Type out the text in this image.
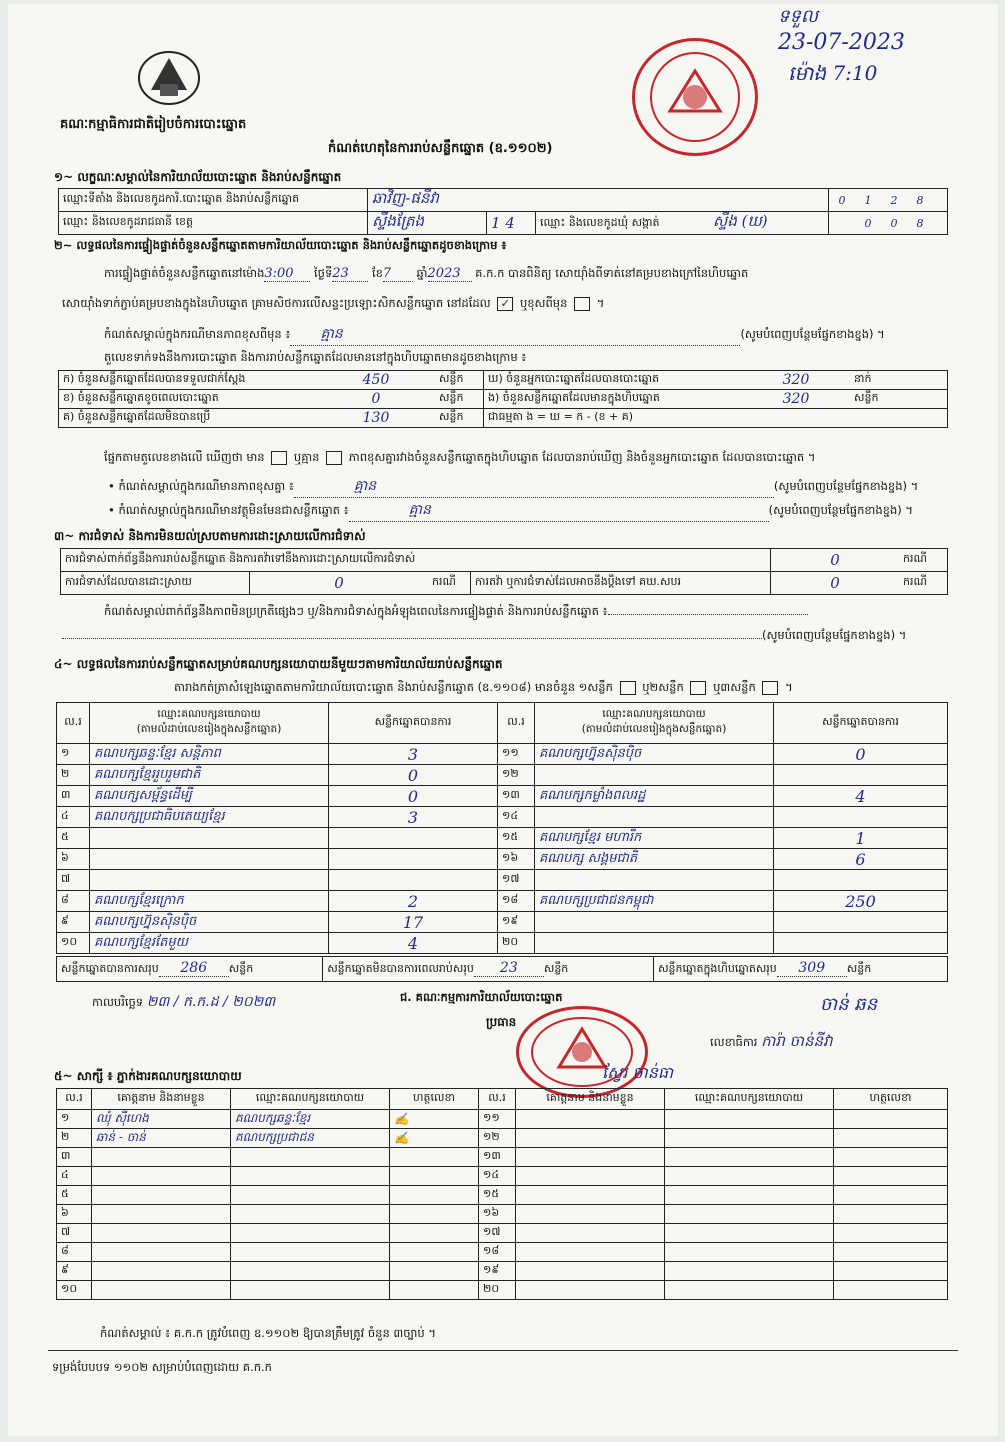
គណៈកម្មាធិការជាតិរៀបចំការបោះឆ្នោត
ទទួល
23-07-2023
ម៉ោង 7:10
កំណត់ហេតុនៃការរាប់សន្លឹកឆ្នោត (ឧ.១១០២)
១~ លក្ខណៈសម្គាល់នៃការិយាល័យបោះឆ្នោត និងរាប់សន្លឹកឆ្នោត
ឈ្មោះទីតាំង និងលេខកូដការិ.បោះឆ្នោត និងរាប់សន្លឹកឆ្នោត	ឆាវិញ-ផនីវា			0 1 2 8
ឈ្មោះ និងលេខកូដរាជធានី ខេត្ត	ស្ទឹងត្រែង	1 4	ឈ្មោះ និងលេខកូដឃុំ សង្កាត់ ស្ទឹង (ឃ)	0 0 8
២~ លទ្ធផលនៃការផ្ទៀងផ្ទាត់ចំនួនសន្លឹកឆ្នោតតាមការិយាល័យបោះឆ្នោត និងរាប់សន្លឹកឆ្នោតដូចខាងក្រោម ៖
ការផ្ទៀងផ្ទាត់ចំនួនសន្លឹកឆ្នោតនៅម៉ោង3:00 ថ្ងៃទី23 ខែ7 ឆ្នាំ2023 គ.ក.ក បានពិនិត្យ សោយ៉ាំងពីទាត់នៅគម្របខាងក្រៅនៃហិបឆ្នោត
សោយ៉ាំងទាក់ភ្ជាប់គម្របខាងក្នុងនៃហិបឆ្នោត គ្រាមសិថការលើសន្ទះប្រឡោះសិកសន្លឹកឆ្នោត នៅដដែល ✓ ឬខុសពីមុន  ។
កំណត់សម្គាល់ក្នុងករណីមានភាពខុសពីមុន ៖ គ្មាន	(សូមបំពេញបន្ថែមផ្នែកខាងខ្នង) ។
តួលេខទាក់ទងនឹងការបោះឆ្នោត និងការរាប់សន្លឹកឆ្នោតដែលមាននៅក្នុងហិបឆ្នោតមានដូចខាងក្រោម ៖
ក) ចំនួនសន្លឹកឆ្នោតដែលបានទទួលជាក់ស្តែង	450	សន្លឹក	ឃ) ចំនួនអ្នកបោះឆ្នោតដែលបានបោះឆ្នោត	320	នាក់
ខ) ចំនួនសន្លឹកឆ្នោតខូចពេលបោះឆ្នោត	0	សន្លឹក	ង) ចំនួនសន្លឹកឆ្នោតដែលមានក្នុងហិបឆ្នោត	320	សន្លឹក
គ) ចំនួនសន្លឹកឆ្នោតដែលមិនបានប្រើ	130	សន្លឹក	ជាធម្មតា ង = ឃ = ក - (ខ + គ)		
ផ្នែកតាមតួលេខខាងលើ ឃើញថា មាន	ឬគ្មាន	ភាពខុសគ្នារវាងចំនួនសន្លឹកឆ្នោតក្នុងហិបឆ្នោត ដែលបានរាប់ឃើញ និងចំនួនអ្នកបោះឆ្នោត ដែលបានបោះឆ្នោត ។
• កំណត់សម្គាល់ក្នុងករណីមានភាពខុសគ្នា ៖	គ្មាន	(សូមបំពេញបន្ថែមផ្នែកខាងខ្នង) ។
• កំណត់សម្គាល់ក្នុងករណីមានវត្ថុមិនមែនជាសន្លឹកឆ្នោត ៖	គ្មាន	(សូមបំពេញបន្ថែមផ្នែកខាងខ្នង) ។
៣~ ការជំទាស់ និងការមិនយល់ស្របតាមការដោះស្រាយលើការជំទាស់
ការជំទាស់ពាក់ព័ន្ធនឹងការរាប់សន្លឹកឆ្នោត និងការតវ៉ាទៅនឹងការដោះស្រាយលើការជំទាស់				0	ករណី
ការជំទាស់ដែលបានដោះស្រាយ	0	ករណី	ការតវ៉ា ឬការជំទាស់ដែលអាចនឹងប្តឹងទៅ គឃ.សបរ	0	ករណី
កំណត់សម្គាល់ពាក់ព័ន្ធនឹងភាពមិនប្រក្រតីផ្សេងៗ ឬ/និងការជំទាស់ក្នុងអំឡុងពេលនៃការផ្ទៀងផ្ទាត់ និងការរាប់សន្លឹកឆ្នោត ៖
(សូមបំពេញបន្ថែមផ្នែកខាងខ្នង) ។
៤~ លទ្ធផលនៃការរាប់សន្លឹកឆ្នោតសម្រាប់គណបក្សនយោបាយនីមួយៗតាមការិយាល័យរាប់សន្លឹកឆ្នោត
តារាងកត់ត្រាសំឡេងឆ្នោតតាមការិយាល័យបោះឆ្នោត និងរាប់សន្លឹកឆ្នោត (ឧ.១១០៨) មានចំនួន ១សន្លឹក	ឬ២សន្លឹក	ឬ៣សន្លឹក  ។
ល.រ	ឈ្មោះគណបក្សនយោបាយ
(តាមលំដាប់លេខរៀងក្នុងសន្លឹកឆ្នោត)	សន្លឹកឆ្នោតបានការ	ល.រ	ឈ្មោះគណបក្សនយោបាយ
(តាមលំដាប់លេខរៀងក្នុងសន្លឹកឆ្នោត)	សន្លឹកឆ្នោតបានការ
១	គណបក្សឆន្ទៈខ្មែរ សន្តិភាព	3	១១	គណបក្សហ្វ៊ុនស៊ិនប៉ិច	0
២	គណបក្សខ្មែររួបរួមជាតិ	0	១២		
៣	គណបក្សសម្ព័ន្ធដើម្បី	0	១៣	គណបក្សកម្លាំងពលរដ្ឋ	4
៤	គណបក្សប្រជាធិបតេយ្យខ្មែរ	3	១៤		
៥			១៥	គណបក្សខ្មែរ មហារីក	1
៦			១៦	គណបក្ស សង្គមជាតិ	6
៧			១៧		
៨	គណបក្សខ្មែរក្រោក	2	១៨	គណបក្សប្រជាជនកម្ពុជា	250
៩	គណបក្សហ្វ៊ុនស៊ិនប៉ិច	17	១៩		
១០	គណបក្សខ្មែរតែមួយ	4	២០		
សន្លឹកឆ្នោតបានការសរុប 286 សន្លឹក	សន្លឹកឆ្នោតមិនបានការពេលរាប់សរុប 23 សន្លឹក	សន្លឹកឆ្នោតក្នុងហិបឆ្នោតសរុប 309 សន្លឹក
កាលបរិច្ឆេទ ២៣ / ក.ក.ដ / ២០២៣	ជ. គណៈកម្មការការិយាល័យបោះឆ្នោត
ប្រធាន
ចាន់ ឆន
លេខាធិការ ការ៉ា ចាន់នីវា
ស្វែរ ចាន់ធា
៥~ សាក្សី ៖ ភ្នាក់ងារគណបក្សនយោបាយ
ល.រ	គោត្តនាម និងនាមខ្លួន	ឈ្មោះគណបក្សនយោបាយ	ហត្ថលេខា	ល.រ	គោត្តនាម និងនាមខ្លួន	ឈ្មោះគណបក្សនយោបាយ	ហត្ថលេខា
១	ឈុំ ស៊ីហេង	គណបក្សឆន្ទៈខ្មែរ	✍	១១			
២	ឆាន់ - ចាន់	គណបក្សប្រជាជន	✍	១២			
៣				១៣			
៤				១៤			
៥				១៥			
៦				១៦			
៧				១៧			
៨				១៨			
៩				១៩			
១០				២០			
កំណត់សម្គាល់ ៖ គ.ក.ក ត្រូវបំពេញ ឧ.១១០២ ឱ្យបានត្រឹមត្រូវ ចំនួន ៣ច្បាប់ ។
ទម្រង់បែបបទ ១១០២ សម្រាប់បំពេញដោយ គ.ក.ក
